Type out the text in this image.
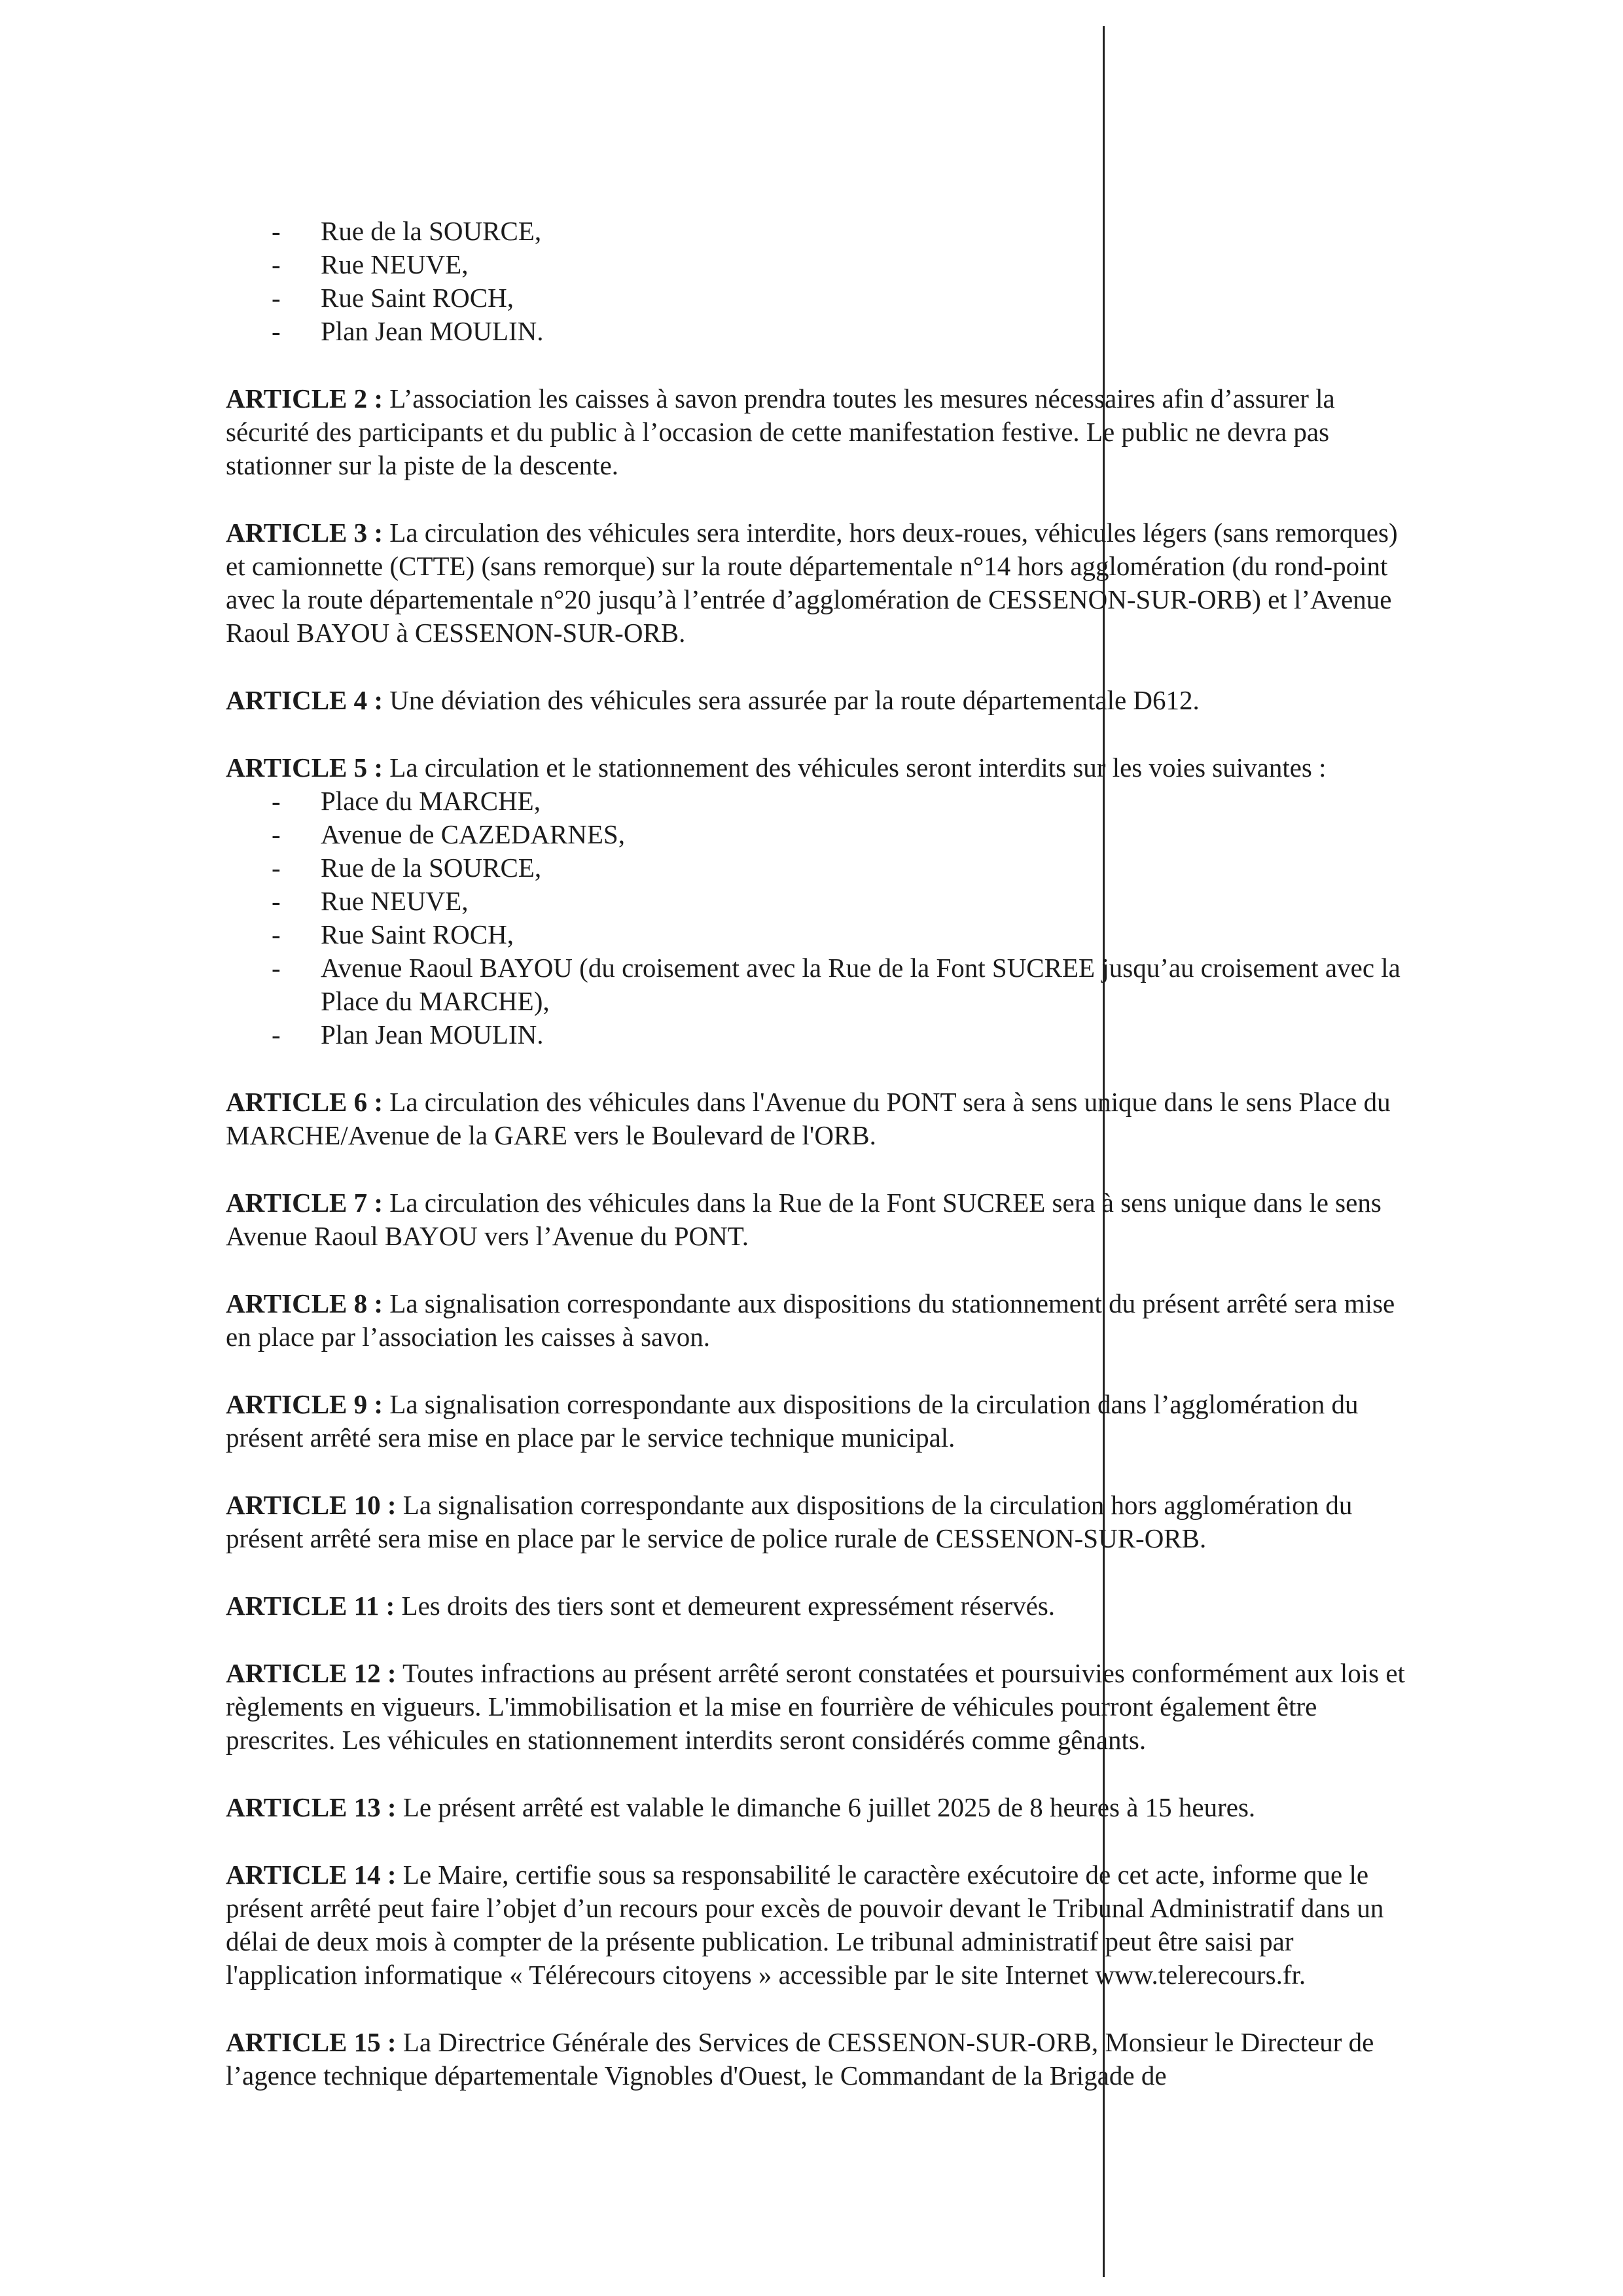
- Rue de la SOURCE,
- Rue NEUVE,
- Rue Saint ROCH,
- Plan Jean MOULIN.

ARTICLE 2 : L’association les caisses à savon prendra toutes les mesures nécessaires afin d’assurer la sécurité des participants et du public à l’occasion de cette manifestation festive. Le public ne devra pas stationner sur la piste de la descente.

ARTICLE 3 : La circulation des véhicules sera interdite, hors deux-roues, véhicules légers (sans remorques) et camionnette (CTTE) (sans remorque) sur la route départementale n°14 hors agglomération (du rond-point avec la route départementale n°20 jusqu’à l’entrée d’agglomération de CESSENON-SUR-ORB) et l’Avenue Raoul BAYOU à CESSENON-SUR-ORB.

ARTICLE 4 : Une déviation des véhicules sera assurée par la route départementale D612.

ARTICLE 5 : La circulation et le stationnement des véhicules seront interdits sur les voies suivantes :

- Place du MARCHE,
- Avenue de CAZEDARNES,
- Rue de la SOURCE,
- Rue NEUVE,
- Rue Saint ROCH,
- Avenue Raoul BAYOU (du croisement avec la Rue de la Font SUCREE jusqu’au croisement avec la Place du MARCHE),
- Plan Jean MOULIN.

ARTICLE 6 : La circulation des véhicules dans l'Avenue du PONT sera à sens unique dans le sens Place du MARCHE/Avenue de la GARE vers le Boulevard de l'ORB.

ARTICLE 7 : La circulation des véhicules dans la Rue de la Font SUCREE sera à sens unique dans le sens Avenue Raoul BAYOU vers l’Avenue du PONT.

ARTICLE 8 : La signalisation correspondante aux dispositions du stationnement du présent arrêté sera mise en place par l’association les caisses à savon.

ARTICLE 9 : La signalisation correspondante aux dispositions de la circulation dans l’agglomération du présent arrêté sera mise en place par le service technique municipal.

ARTICLE 10 : La signalisation correspondante aux dispositions de la circulation hors agglomération du présent arrêté sera mise en place par le service de police rurale de CESSENON-SUR-ORB.

ARTICLE 11 : Les droits des tiers sont et demeurent expressément réservés.

ARTICLE 12 : Toutes infractions au présent arrêté seront constatées et poursuivies conformément aux lois et règlements en vigueurs. L'immobilisation et la mise en fourrière de véhicules pourront également être prescrites. Les véhicules en stationnement interdits seront considérés comme gênants.

ARTICLE 13 : Le présent arrêté est valable le dimanche 6 juillet 2025 de 8 heures à 15 heures.

ARTICLE 14 : Le Maire, certifie sous sa responsabilité le caractère exécutoire de cet acte, informe que le présent arrêté peut faire l’objet d’un recours pour excès de pouvoir devant le Tribunal Administratif dans un délai de deux mois à compter de la présente publication. Le tribunal administratif peut être saisi par l'application informatique « Télérecours citoyens » accessible par le site Internet www.telerecours.fr.

ARTICLE 15 : La Directrice Générale des Services de CESSENON-SUR-ORB, Monsieur le Directeur de l’agence technique départementale Vignobles d'Ouest, le Commandant de la Brigade de
